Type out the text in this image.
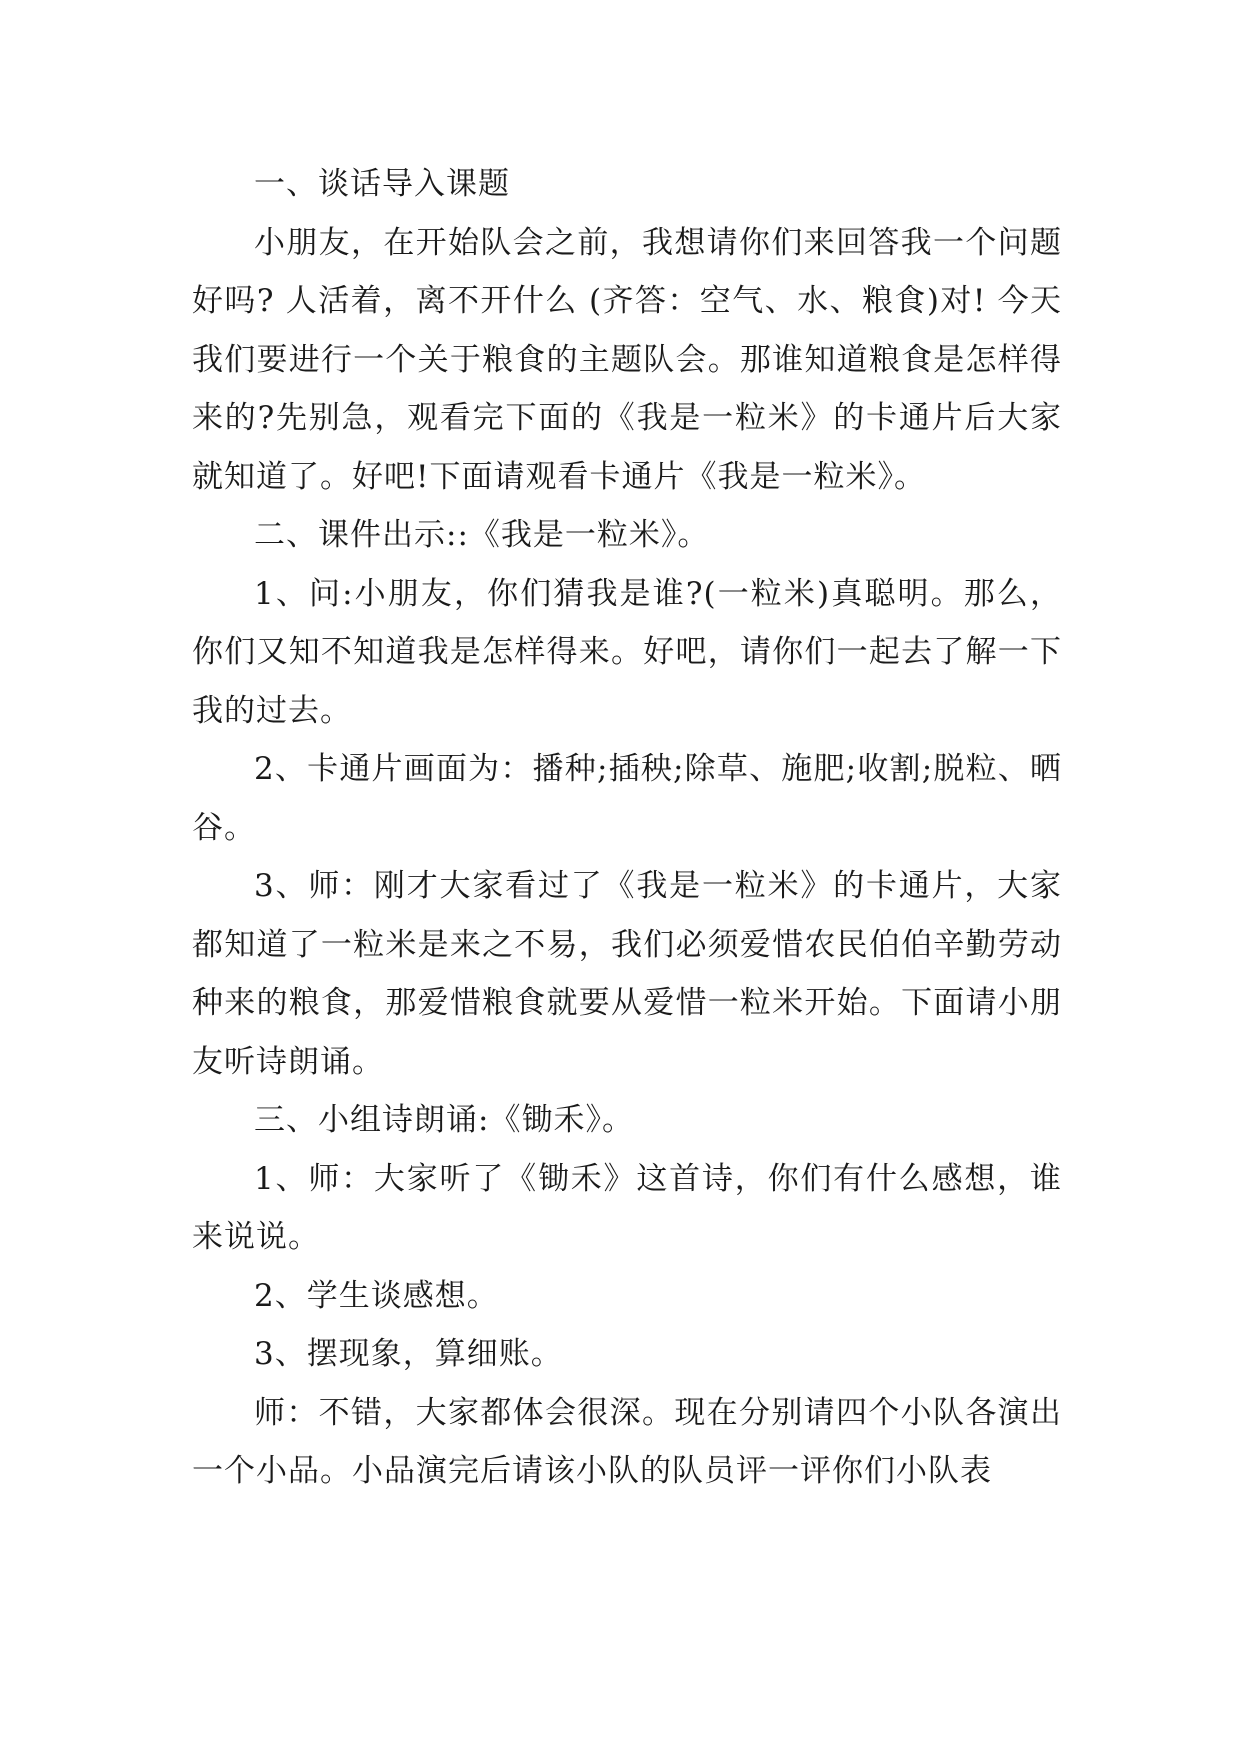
一、谈话导入课题

小朋友，在开始队会之前，我想请你们来回答我一个问题好吗? 人活着，离不开什么 (齐答：空气、水、粮食)对! 今天我们要进行一个关于粮食的主题队会。那谁知道粮食是怎样得来的?先别急，观看完下面的《我是一粒米》的卡通片后大家就知道了。好吧!下面请观看卡通片《我是一粒米》。

二、课件出示::《我是一粒米》。

1、问:小朋友，你们猜我是谁?(一粒米)真聪明。那么，你们又知不知道我是怎样得来。好吧，请你们一起去了解一下我的过去。

2、卡通片画面为：播种;插秧;除草、施肥;收割;脱粒、晒谷。

3、师：刚才大家看过了《我是一粒米》的卡通片，大家都知道了一粒米是来之不易，我们必须爱惜农民伯伯辛勤劳动种来的粮食，那爱惜粮食就要从爱惜一粒米开始。下面请小朋友听诗朗诵。

三、小组诗朗诵:《锄禾》。

1、师：大家听了《锄禾》这首诗，你们有什么感想，谁来说说。

2、学生谈感想。

3、摆现象，算细账。

师：不错，大家都体会很深。现在分别请四个小队各演出一个小品。小品演完后请该小队的队员评一评你们小队表
